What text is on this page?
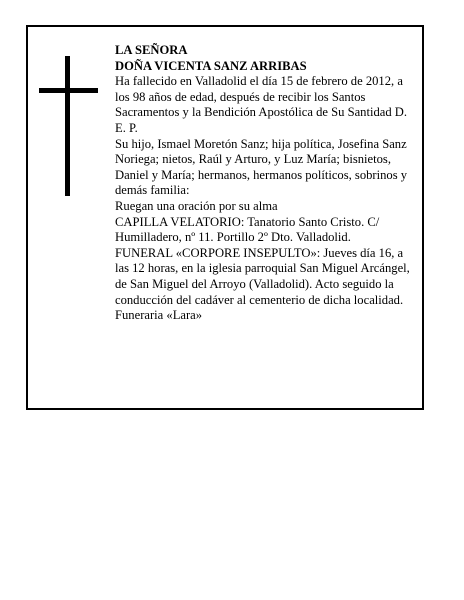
LA SEÑORA

DOÑA VICENTA SANZ ARRIBAS

Ha fallecido en Valladolid el día 15 de febrero de 2012, a los 98 años de edad, después de recibir los Santos Sacramentos y la Bendición Apostólica de Su Santidad D. E. P.

Su hijo, Ismael Moretón Sanz; hija política, Josefina Sanz Noriega; nietos, Raúl y Arturo, y Luz María; bisnietos, Daniel y María; hermanos, hermanos políticos, sobrinos y demás familia:

Ruegan una oración por su alma

CAPILLA VELATORIO: Tanatorio Santo Cristo. C/ Humilladero, nº 11. Portillo 2º Dto. Valladolid.

FUNERAL «CORPORE INSEPULTO»: Jueves día 16, a las 12 horas, en la iglesia parroquial San Miguel Arcángel, de San Miguel del Arroyo (Valladolid). Acto seguido la conducción del cadáver al cementerio de dicha localidad.

Funeraria «Lara»
